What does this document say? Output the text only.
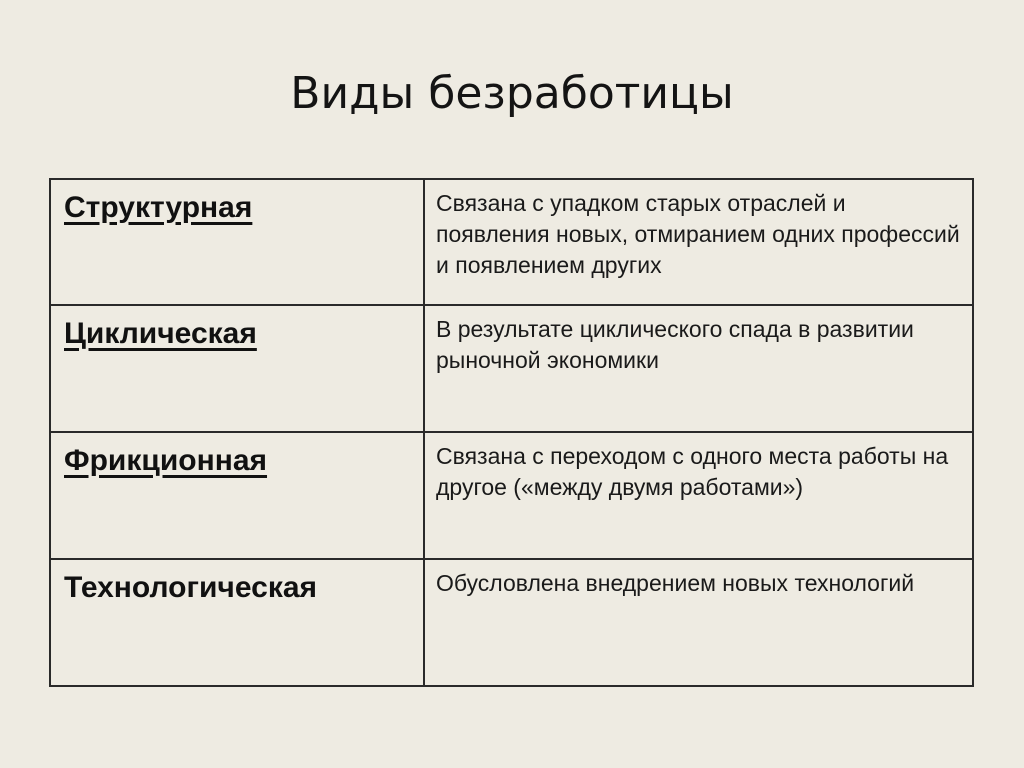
Виды безработицы
Структурная	Связана с упадком старых отраслей и появления новых, отмиранием одних профессий и появлением других

Циклическая	В результате циклического спада в развитии рыночной экономики

Фрикционная	Связана с переходом с одного места работы на другое («между двумя работами»)

Технологическая	Обусловлена внедрением новых технологий
